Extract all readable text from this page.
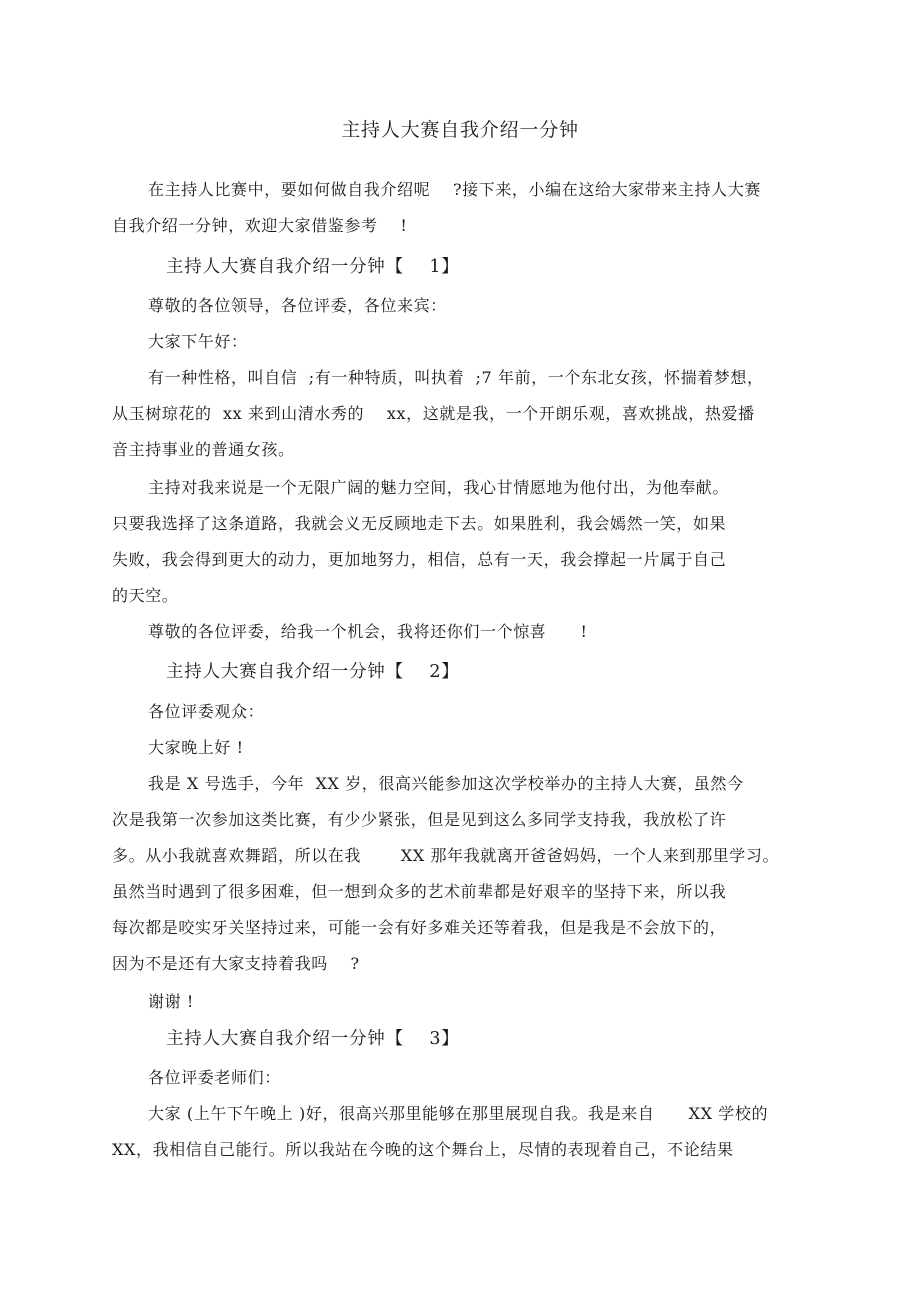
主持人大赛自我介绍一分钟
在主持人比赛中，要如何做自我介绍呢    ?接下来，小编在这给大家带来主持人大赛
自我介绍一分钟，欢迎大家借鉴参考    !
主持人大赛自我介绍一分钟【    1】
尊敬的各位领导，各位评委，各位来宾：
大家下午好：
有一种性格，叫自信  ;有一种特质，叫执着  ;7 年前，一个东北女孩，怀揣着梦想，
从玉树琼花的  xx 来到山清水秀的    xx，这就是我，一个开朗乐观，喜欢挑战，热爱播
音主持事业的普通女孩。
主持对我来说是一个无限广阔的魅力空间，我心甘情愿地为他付出，为他奉献。
只要我选择了这条道路，我就会义无反顾地走下去。如果胜利，我会嫣然一笑，如果
失败，我会得到更大的动力，更加地努力，相信，总有一天，我会撑起一片属于自己
的天空。
尊敬的各位评委，给我一个机会，我将还你们一个惊喜      !
主持人大赛自我介绍一分钟【    2】
各位评委观众：
大家晚上好 !
我是 X 号选手，今年  XX 岁，很高兴能参加这次学校举办的主持人大赛，虽然今
次是我第一次参加这类比赛，有少少紧张，但是见到这么多同学支持我，我放松了许
多。从小我就喜欢舞蹈，所以在我       XX 那年我就离开爸爸妈妈，一个人来到那里学习。
虽然当时遇到了很多困难，但一想到众多的艺术前辈都是好艰辛的坚持下来，所以我
每次都是咬实牙关坚持过来，可能一会有好多难关还等着我，但是我是不会放下的，
因为不是还有大家支持着我吗    ?
谢谢 !
主持人大赛自我介绍一分钟【    3】
各位评委老师们：
大家 (上午下午晚上 )好，很高兴那里能够在那里展现自我。我是来自      XX 学校的
XX，我相信自己能行。所以我站在今晚的这个舞台上，尽情的表现着自己，不论结果
